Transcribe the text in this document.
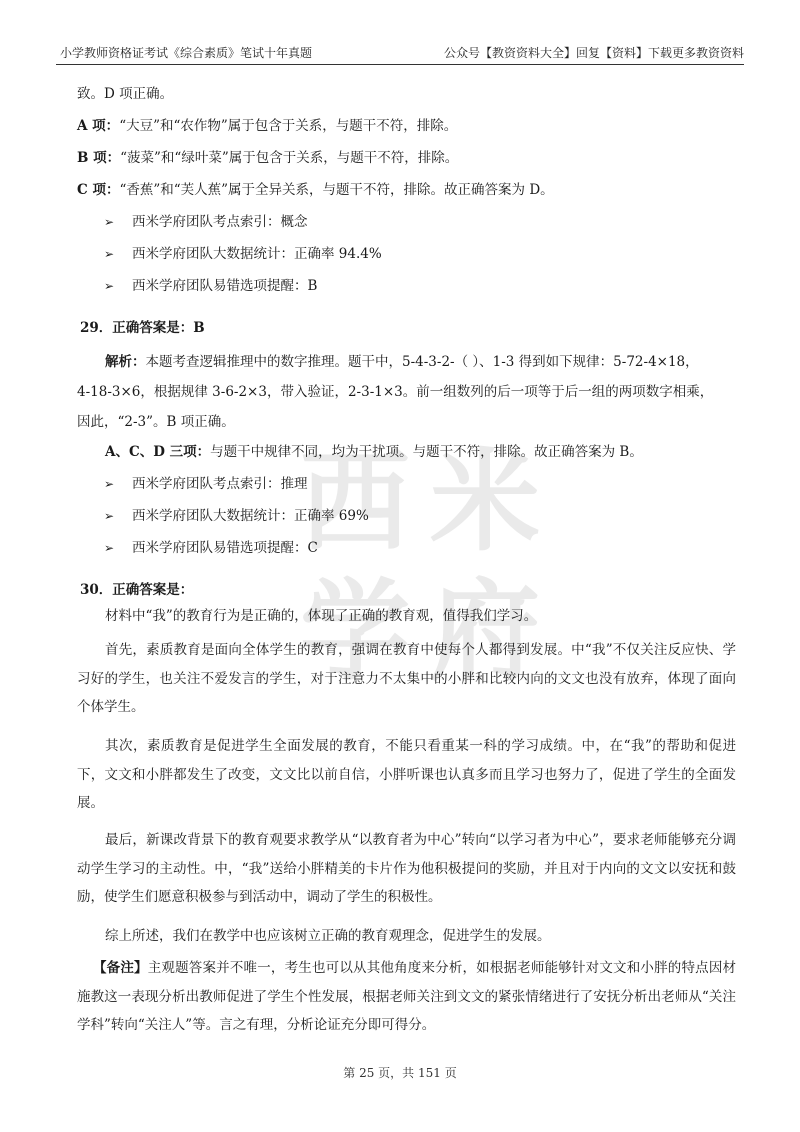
小学教师资格证考试《综合素质》笔试十年真题	公众号【教资资料大全】回复【资料】下载更多教资资料
西 米
学 府
致。D 项正确。
A 项：“大豆”和“农作物”属于包含于关系，与题干不符，排除。
B 项：“菠菜”和“绿叶菜”属于包含于关系，与题干不符，排除。
C 项：“香蕉”和“芙人蕉”属于全异关系，与题干不符，排除。故正确答案为 D。
➢ 西米学府团队考点索引：概念
➢ 西米学府团队大数据统计：正确率 94.4%
➢ 西米学府团队易错选项提醒：B
29．正确答案是：B
解析：本题考查逻辑推理中的数字推理。题干中，5-4-3-2-（ ）、1-3 得到如下规律：5-72-4×18，
4-18-3×6，根据规律 3-6-2×3，带入验证，2-3-1×3。前一组数列的后一项等于后一组的两项数字相乘，
因此，“2-3”。B 项正确。
A、C、D 三项：与题干中规律不同，均为干扰项。与题干不符，排除。故正确答案为 B。
➢ 西米学府团队考点索引：推理
➢ 西米学府团队大数据统计：正确率 69%
➢ 西米学府团队易错选项提醒：C
30．正确答案是：
材料中“我”的教育行为是正确的，体现了正确的教育观，值得我们学习。
首先，素质教育是面向全体学生的教育，强调在教育中使每个人都得到发展。中“我”不仅关注反应快、学习好的学生，也关注不爱发言的学生，对于注意力不太集中的小胖和比较内向的文文也没有放弃，体现了面向个体学生。
其次，素质教育是促进学生全面发展的教育，不能只看重某一科的学习成绩。中，在“我”的帮助和促进下，文文和小胖都发生了改变，文文比以前自信，小胖听课也认真多而且学习也努力了，促进了学生的全面发展。
最后，新课改背景下的教育观要求教学从“以教育者为中心”转向“以学习者为中心”，要求老师能够充分调动学生学习的主动性。中，“我”送给小胖精美的卡片作为他积极提问的奖励，并且对于内向的文文以安抚和鼓励，使学生们愿意积极参与到活动中，调动了学生的积极性。
综上所述，我们在教学中也应该树立正确的教育观理念，促进学生的发展。
【备注】主观题答案并不唯一，考生也可以从其他角度来分析，如根据老师能够针对文文和小胖的特点因材施教这一表现分析出教师促进了学生个性发展，根据老师关注到文文的紧张情绪进行了安抚分析出老师从“关注学科”转向“关注人”等。言之有理，分析论证充分即可得分。
第 25 页，共 151 页
